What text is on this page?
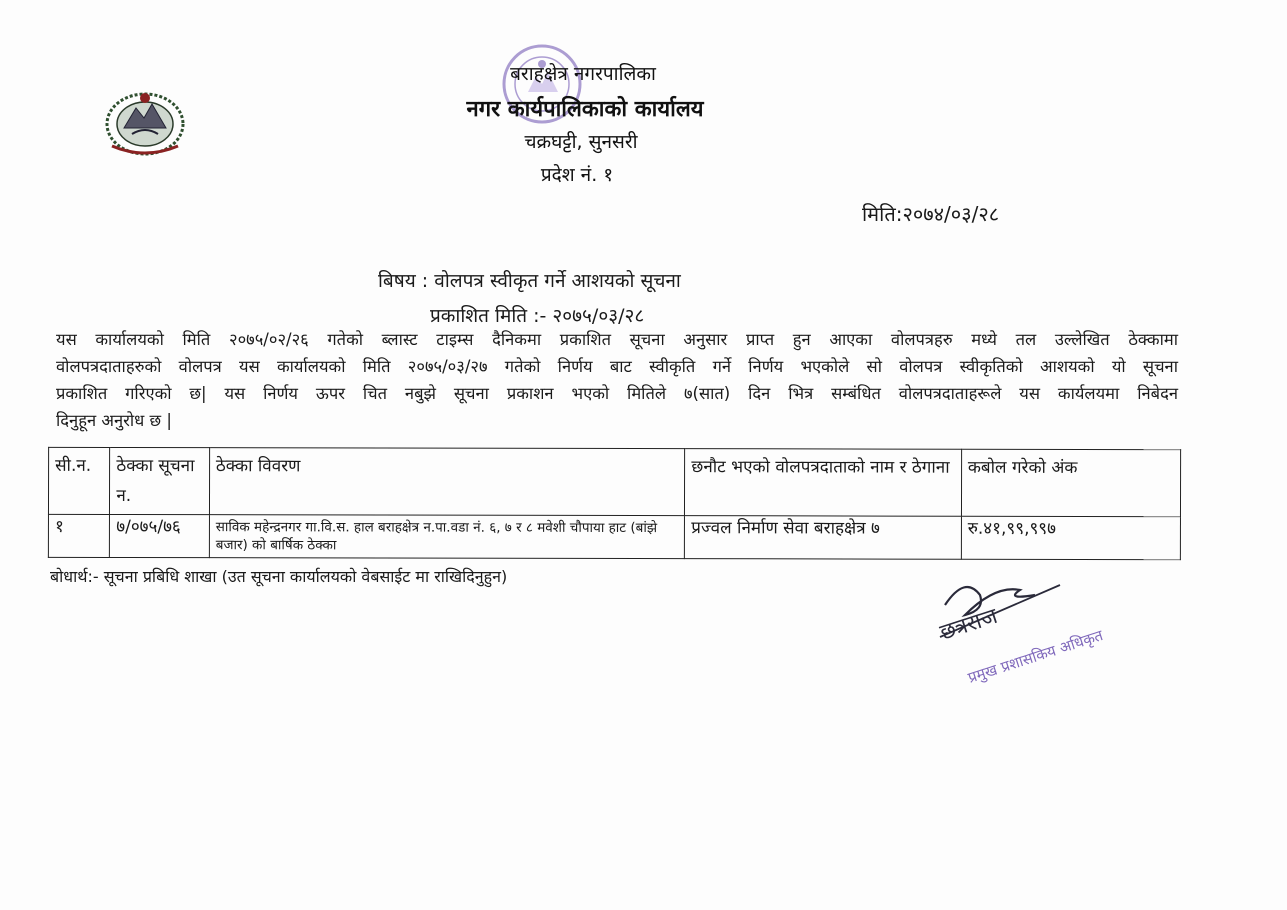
बराहक्षेत्र नगरपालिका
नगर कार्यपालिकाको कार्यालय
चक्रघट्टी, सुनसरी
प्रदेश नं. १
मिति:२०७४/०३/२८
बिषय : वोलपत्र स्वीकृत गर्ने आशयको सूचना
प्रकाशित मिति :- २०७५/०३/२८
यस कार्यालयको मिति २०७५/०२/२६ गतेको ब्लास्ट टाइम्स दैनिकमा प्रकाशित सूचना अनुसार प्राप्त हुन आएका वोलपत्रहरु मध्ये तल उल्लेखित ठेक्कामा
वोलपत्रदाताहरुको वोलपत्र यस कार्यालयको मिति २०७५/०३/२७ गतेको निर्णय बाट स्वीकृति गर्ने निर्णय भएकोले सो वोलपत्र स्वीकृतिको आशयको यो सूचना
प्रकाशित गरिएको छ| यस निर्णय ऊपर चित नबुझे सूचना प्रकाशन भएको मितिले ७(सात) दिन भित्र सम्बंधित वोलपत्रदाताहरूले यस कार्यलयमा निबेदन
दिनुहून अनुरोध छ |
सी.न.	ठेक्का सूचना न.	ठेक्का विवरण	छनौट भएको वोलपत्रदाताको नाम र ठेगाना	कबोल गरेको अंक
१	७/०७५/७६	साविक महेन्द्रनगर गा.वि.स. हाल बराहक्षेत्र न.पा.वडा नं. ६, ७ र ८ मवेशी चौपाया हाट (बांझे बजार) को बार्षिक ठेक्का	प्रज्वल निर्माण सेवा बराहक्षेत्र ७	रु.४१,९९,९९७
बोधार्थ:- सूचना प्रबिधि शाखा (उत सूचना कार्यालयको वेबसाईट मा राखिदिनुहुन)
छत्रराज
प्रमुख प्रशासकिय अधिकृत
